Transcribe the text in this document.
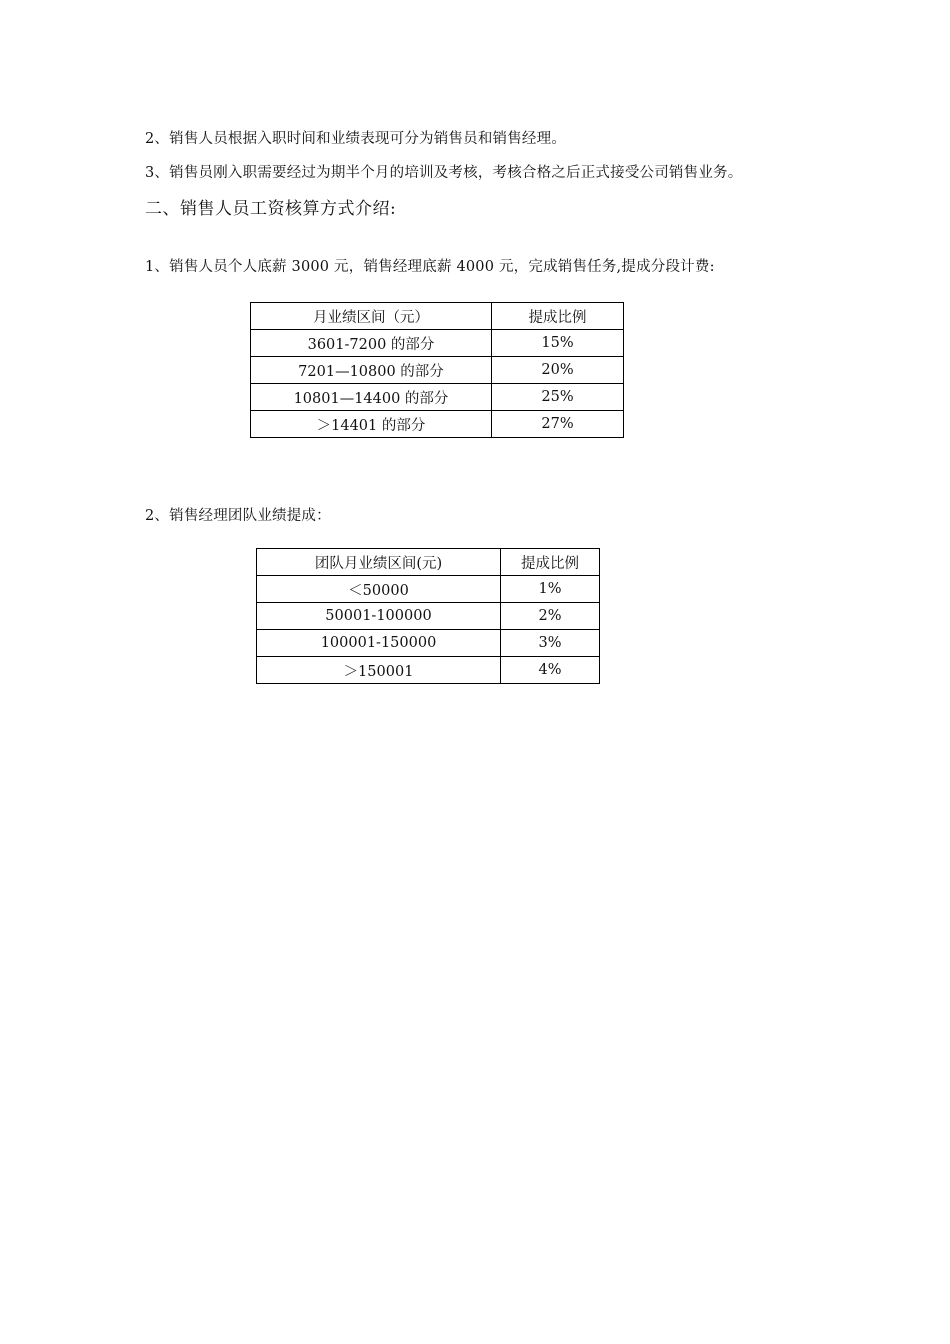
2、销售人员根据入职时间和业绩表现可分为销售员和销售经理。
3、销售员刚入职需要经过为期半个月的培训及考核，考核合格之后正式接受公司销售业务。
二、销售人员工资核算方式介绍:
1、销售人员个人底薪 3000 元，销售经理底薪 4000 元，完成销售任务,提成分段计费:
月业绩区间（元）	提成比例
3601-7200 的部分	15%
7201—10800 的部分	20%
10801—14400 的部分	25%
＞14401 的部分	27%
2、销售经理团队业绩提成：
团队月业绩区间(元)	提成比例
＜50000	1%
50001-100000	2%
100001-150000	3%
＞150001	4%
